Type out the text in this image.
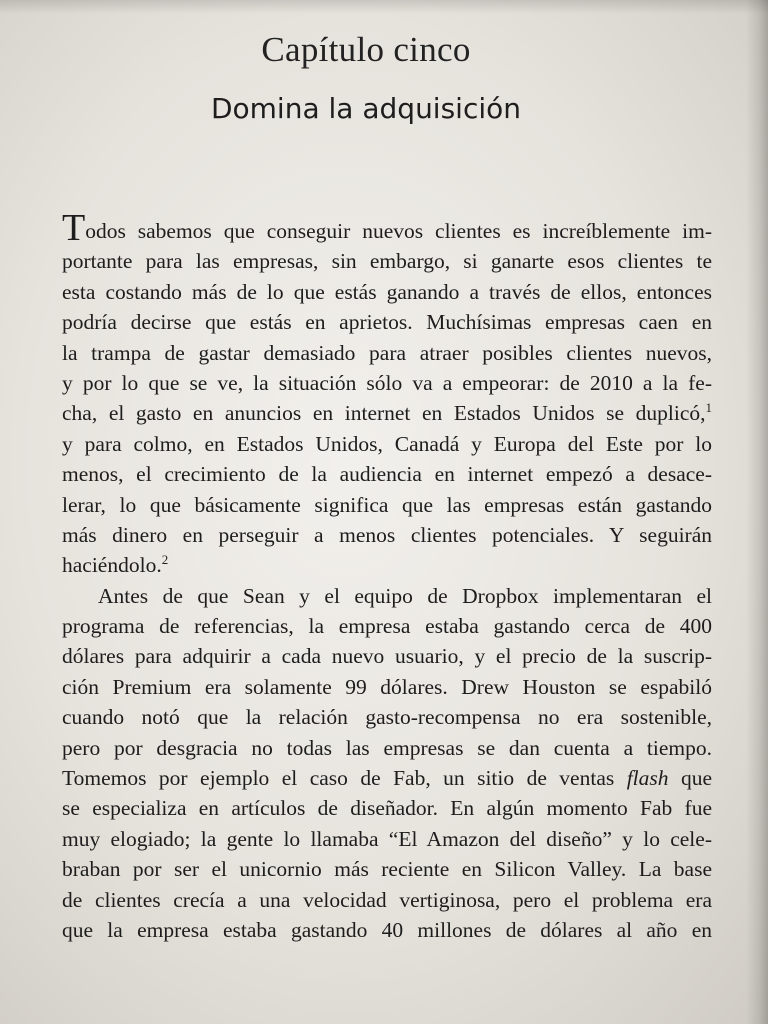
Capítulo cinco
Domina la adquisición
Todos sabemos que conseguir nuevos clientes es increíblemente im-
portante para las empresas, sin embargo, si ganarte esos clientes te
esta costando más de lo que estás ganando a través de ellos, entonces
podría decirse que estás en aprietos. Muchísimas empresas caen en
la trampa de gastar demasiado para atraer posibles clientes nuevos,
y por lo que se ve, la situación sólo va a empeorar: de 2010 a la fe-
cha, el gasto en anuncios en internet en Estados Unidos se duplicó,$^1$
y para colmo, en Estados Unidos, Canadá y Europa del Este por lo
menos, el crecimiento de la audiencia en internet empezó a desace-
lerar, lo que básicamente significa que las empresas están gastando
más dinero en perseguir a menos clientes potenciales. Y seguirán
haciéndolo.$^2$
Antes de que Sean y el equipo de Dropbox implementaran el
programa de referencias, la empresa estaba gastando cerca de 400
dólares para adquirir a cada nuevo usuario, y el precio de la suscrip-
ción Premium era solamente 99 dólares. Drew Houston se espabiló
cuando notó que la relación gasto-recompensa no era sostenible,
pero por desgracia no todas las empresas se dan cuenta a tiempo.
Tomemos por ejemplo el caso de Fab, un sitio de ventas flash que
se especializa en artículos de diseñador. En algún momento Fab fue
muy elogiado; la gente lo llamaba “El Amazon del diseño” y lo cele-
braban por ser el unicornio más reciente en Silicon Valley. La base
de clientes crecía a una velocidad vertiginosa, pero el problema era
que la empresa estaba gastando 40 millones de dólares al año en
